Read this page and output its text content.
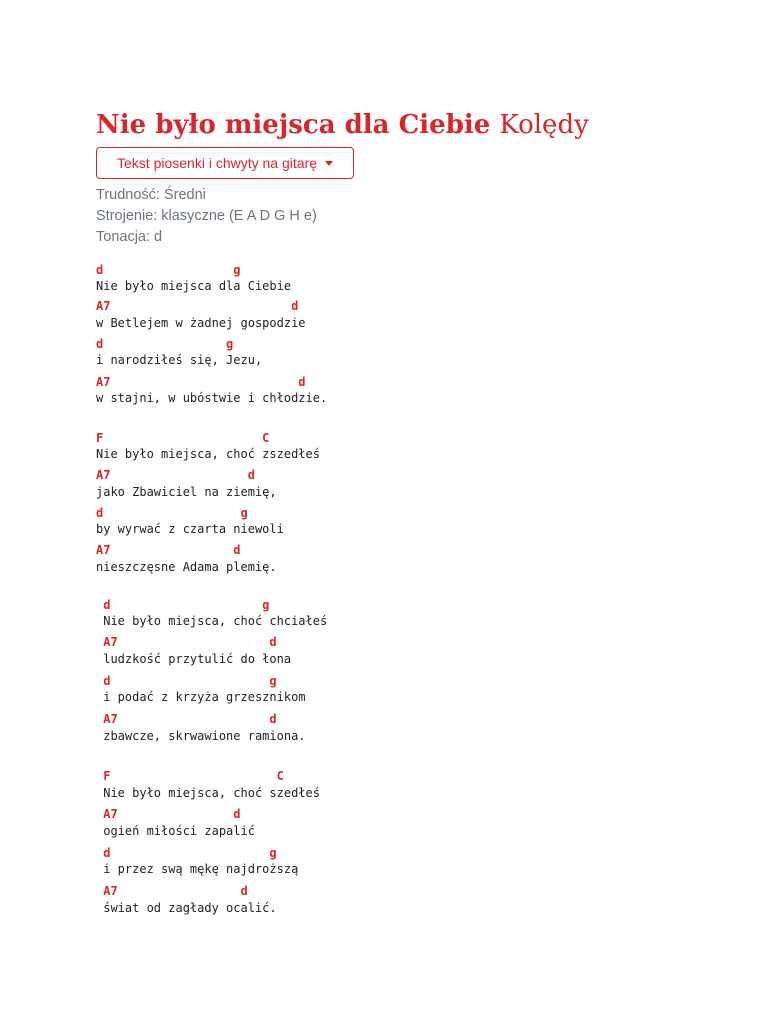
Nie było miejsca dla Ciebie Kolędy
Tekst piosenki i chwyty na gitarę
Trudność: Średni
Strojenie: klasyczne (E A D G H e)
Tonacja: d
d                  g
Nie było miejsca dla Ciebie
A7                         d
w Betlejem w żadnej gospodzie
d                 g
i narodziłeś się, Jezu,
A7                          d
w stajni, w ubóstwie i chłodzie.
F                      C
Nie było miejsca, choć zszedłeś
A7                   d
jako Zbawiciel na ziemię,
d                   g
by wyrwać z czarta niewoli
A7                 d
nieszczęsne Adama plemię.
d                     g
Nie było miejsca, choć chciałeś
A7                     d
ludzkość przytulić do łona
d                      g
i podać z krzyża grzesznikom
A7                     d
zbawcze, skrwawione ramiona.
F                       C
Nie było miejsca, choć szedłeś
A7                d
ogień miłości zapalić
d                      g
i przez swą mękę najdroższą
A7                 d
świat od zagłady ocalić.
